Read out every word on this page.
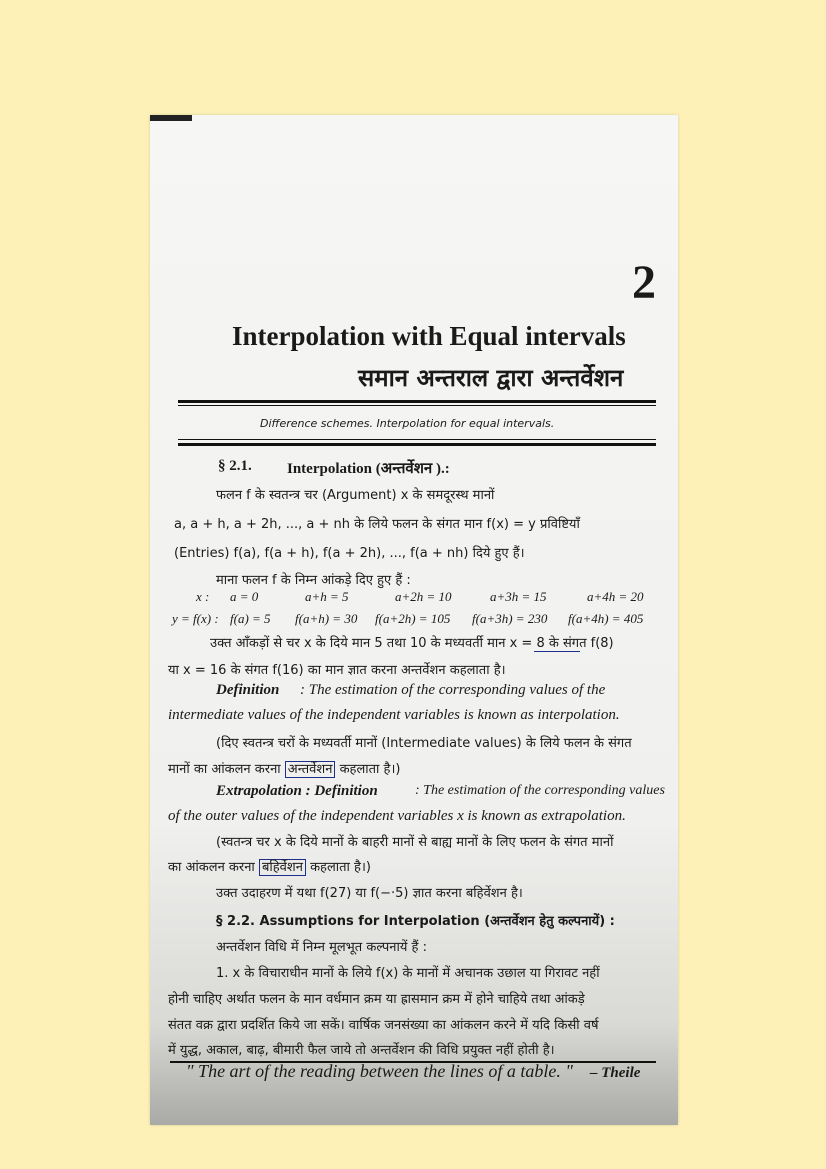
2
Interpolation with Equal intervals
समान अन्तराल द्वारा अन्तर्वेशन
Difference schemes. Interpolation for equal intervals.
§ 2.1. Interpolation (अन्तर्वेशन ).:
फलन f के स्वतन्त्र चर (Argument) x के समदूरस्थ मानों
a, a + h, a + 2h, ..., a + nh के लिये फलन के संगत मान f(x) = y प्रविष्टियाँ
(Entries) f(a), f(a + h), f(a + 2h), ..., f(a + nh) दिये हुए हैं।
माना फलन f के निम्न आंकड़े दिए हुए हैं :
x : a = 0	a+h = 5	a+2h = 10	a+3h = 15	a+4h = 20
y = f(x) : f(a) = 5 f(a+h) = 30 f(a+2h) = 105 f(a+3h) = 230 f(a+4h) = 405
उक्त आँकड़ों से चर x के दिये मान 5 तथा 10 के मध्यवर्ती मान x = 8 के संगत f(8)
या x = 16 के संगत f(16) का मान ज्ञात करना अन्तर्वेशन कहलाता है।
Definition : The estimation of the corresponding values of the
intermediate values of the independent variables is known as interpolation.
(दिए स्वतन्त्र चरों के मध्यवर्ती मानों (Intermediate values) के लिये फलन के संगत
मानों का आंकलन करना अन्तर्वेशन कहलाता है।)
Extrapolation : Definition	: The estimation of the corresponding values
of the outer values of the independent variables x is known as extrapolation.
(स्वतन्त्र चर x के दिये मानों के बाहरी मानों से बाह्य मानों के लिए फलन के संगत मानों
का आंकलन करना बहिर्वेशन कहलाता है।)
उक्त उदाहरण में यथा f(27) या f(−·5) ज्ञात करना बहिर्वेशन है।
§ 2.2. Assumptions for Interpolation (अन्तर्वेशन हेतु कल्पनायें) :
अन्तर्वेशन विधि में निम्न मूलभूत कल्पनायें हैं :
1. x के विचाराधीन मानों के लिये f(x) के मानों में अचानक उछाल या गिरावट नहीं
होनी चाहिए अर्थात फलन के मान वर्धमान क्रम या ह्रासमान क्रम में होने चाहिये तथा आंकड़े
संतत वक्र द्वारा प्रदर्शित किये जा सकें। वार्षिक जनसंख्या का आंकलन करने में यदि किसी वर्ष
में युद्ध, अकाल, बाढ़, बीमारी फैल जाये तो अन्तर्वेशन की विधि प्रयुक्त नहीं होती है।
" The art of the reading between the lines of a table. " – Theile
